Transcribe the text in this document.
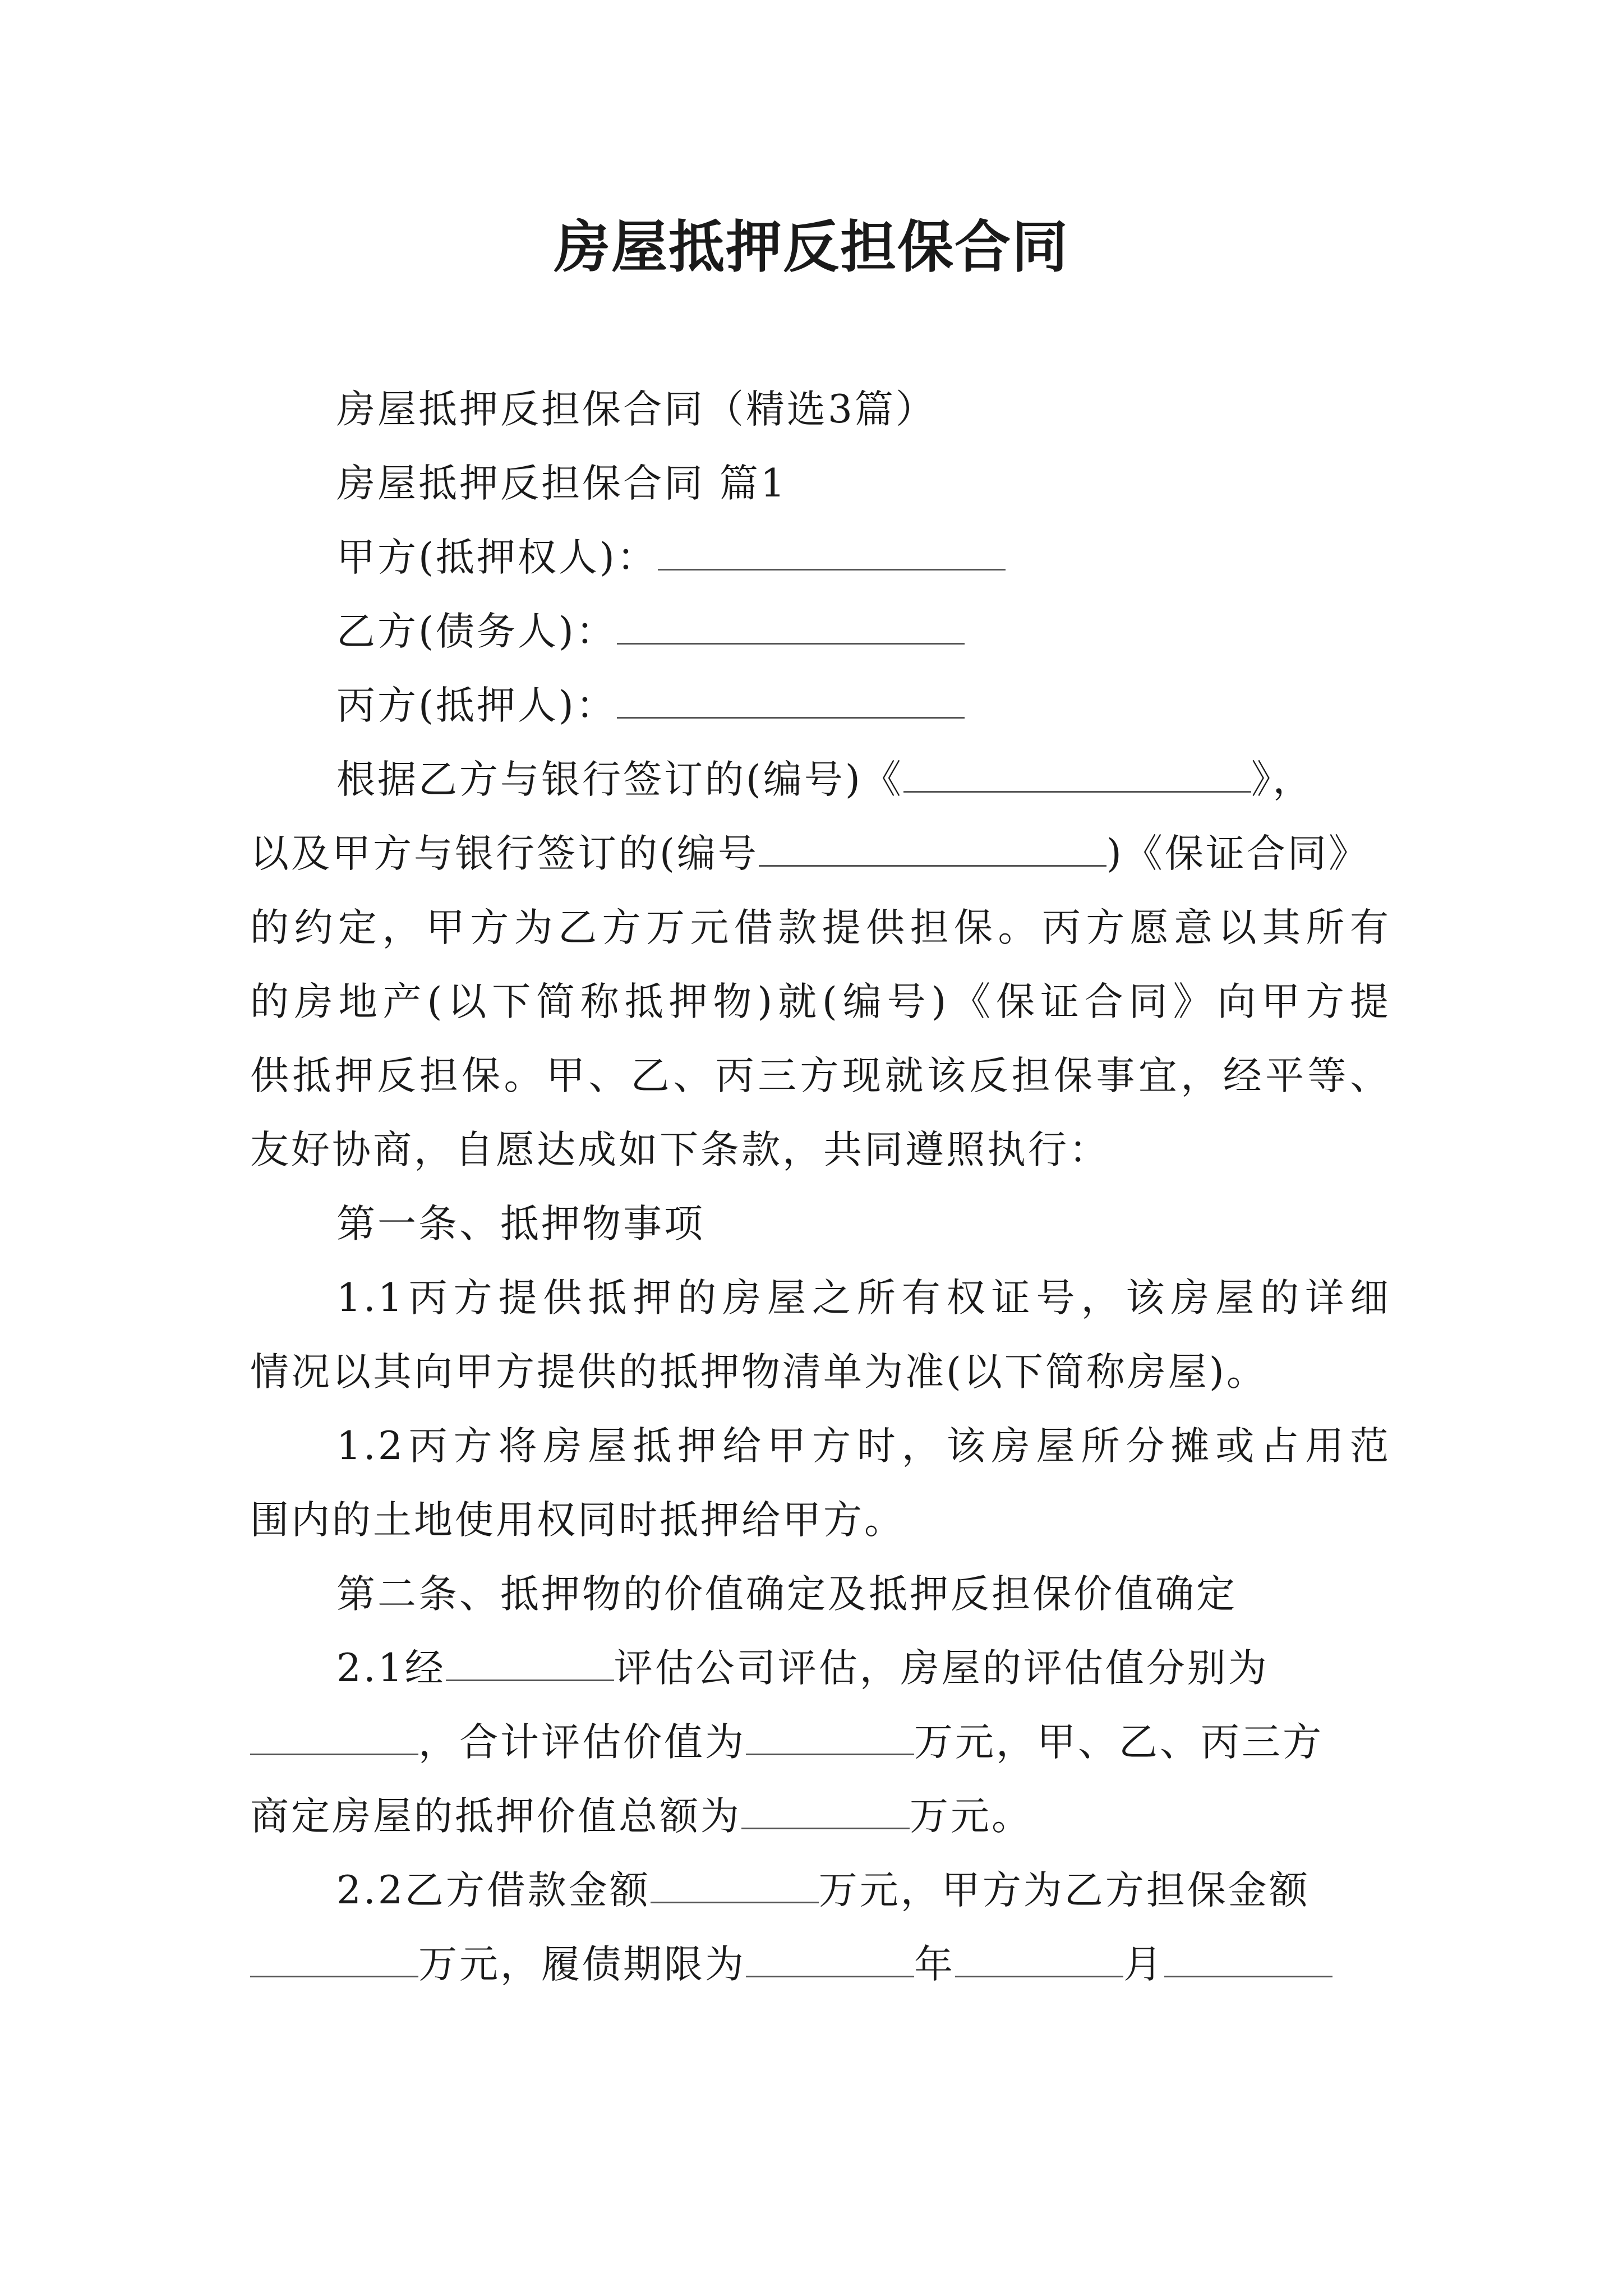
房屋抵押反担保合同
房屋抵押反担保合同（精选3篇）
房屋抵押反担保合同 篇1
甲方(抵押权人)：
乙方(债务人)：
丙方(抵押人)：
根据乙方与银行签订的(编号)《	》，
以及甲方与银行签订的(编号	)《保证合同》
的约定，甲方为乙方万元借款提供担保。丙方愿意以其所有
的房地产(以下简称抵押物)就(编号)《保证合同》向甲方提
供抵押反担保。甲、乙、丙三方现就该反担保事宜，经平等、
友好协商，自愿达成如下条款，共同遵照执行：
第一条、抵押物事项
1.1丙方提供抵押的房屋之所有权证号，该房屋的详细
情况以其向甲方提供的抵押物清单为准(以下简称房屋)。
1.2丙方将房屋抵押给甲方时，该房屋所分摊或占用范
围内的土地使用权同时抵押给甲方。
第二条、抵押物的价值确定及抵押反担保价值确定
2.1经	评估公司评估，房屋的评估值分别为
，合计评估价值为	万元，甲、乙、丙三方
商定房屋的抵押价值总额为	万元。
2.2乙方借款金额	万元，甲方为乙方担保金额
万元，履债期限为	年	月
